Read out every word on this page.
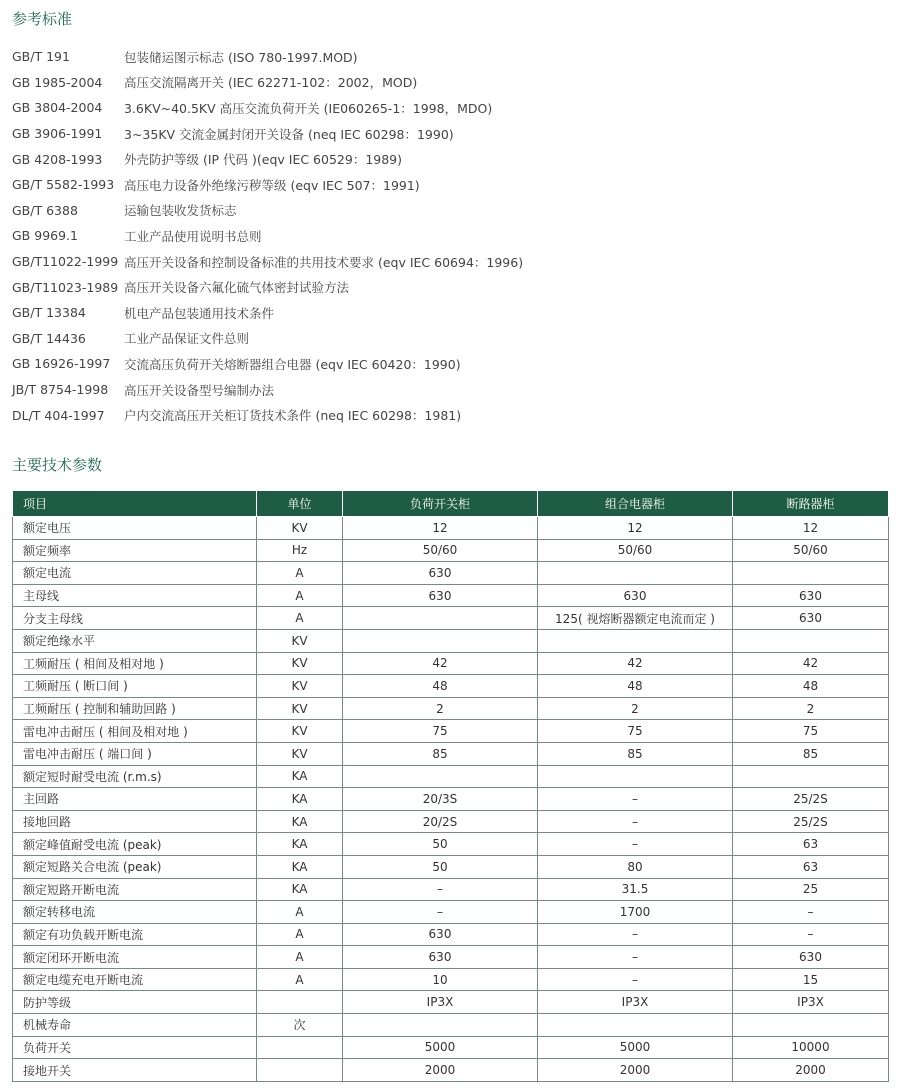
参考标准
GB/T 191	包装储运图示标志 (ISO 780-1997.MOD)
GB 1985-2004	高压交流隔离开关 (IEC 62271-102：2002，MOD)
GB 3804-2004	3.6KV~40.5KV 高压交流负荷开关 (IE060265-1：1998，MDO)
GB 3906-1991	3~35KV 交流金属封闭开关设备 (neq IEC 60298：1990)
GB 4208-1993	外壳防护等级 (IP 代码 )(eqv IEC 60529：1989)
GB/T 5582-1993 高压电力设备外绝缘污秽等级 (eqv IEC 507：1991)
GB/T 6388	运输包装收发货标志
GB 9969.1	工业产品使用说明书总则
GB/T11022-1999 高压开关设备和控制设备标准的共用技术要求 (eqv IEC 60694：1996)
GB/T11023-1989 高压开关设备六氟化硫气体密封试验方法
GB/T 13384	机电产品包装通用技术条件
GB/T 14436	工业产品保证文件总则
GB 16926-1997	交流高压负荷开关熔断器组合电器 (eqv IEC 60420：1990)
JB/T 8754-1998	高压开关设备型号编制办法
DL/T 404-1997	户内交流高压开关柜订货技术条件 (neq IEC 60298：1981)
主要技术参数
项目	单位	负荷开关柜	组合电器柜	断路器柜
额定电压	KV	12	12	12
额定频率	Hz	50/60	50/60	50/60
额定电流	A	630		
主母线	A	630	630	630
分支主母线	A		125( 视熔断器额定电流而定 )	630
额定绝缘水平	KV			
工频耐压 ( 相间及相对地 )	KV	42	42	42
工频耐压 ( 断口间 )	KV	48	48	48
工频耐压 ( 控制和辅助回路 )	KV	2	2	2
雷电冲击耐压 ( 相间及相对地 )	KV	75	75	75
雷电冲击耐压 ( 端口间 )	KV	85	85	85
额定短时耐受电流 (r.m.s)	KA			
主回路	KA	20/3S	–	25/2S
接地回路	KA	20/2S	–	25/2S
额定峰值耐受电流 (peak)	KA	50	–	63
额定短路关合电流 (peak)	KA	50	80	63
额定短路开断电流	KA	–	31.5	25
额定转移电流	A	–	1700	–
额定有功负载开断电流	A	630	–	–
额定闭环开断电流	A	630	–	630
额定电缆充电开断电流	A	10	–	15
防护等级		IP3X	IP3X	IP3X
机械寿命	次			
负荷开关		5000	5000	10000
接地开关		2000	2000	2000
